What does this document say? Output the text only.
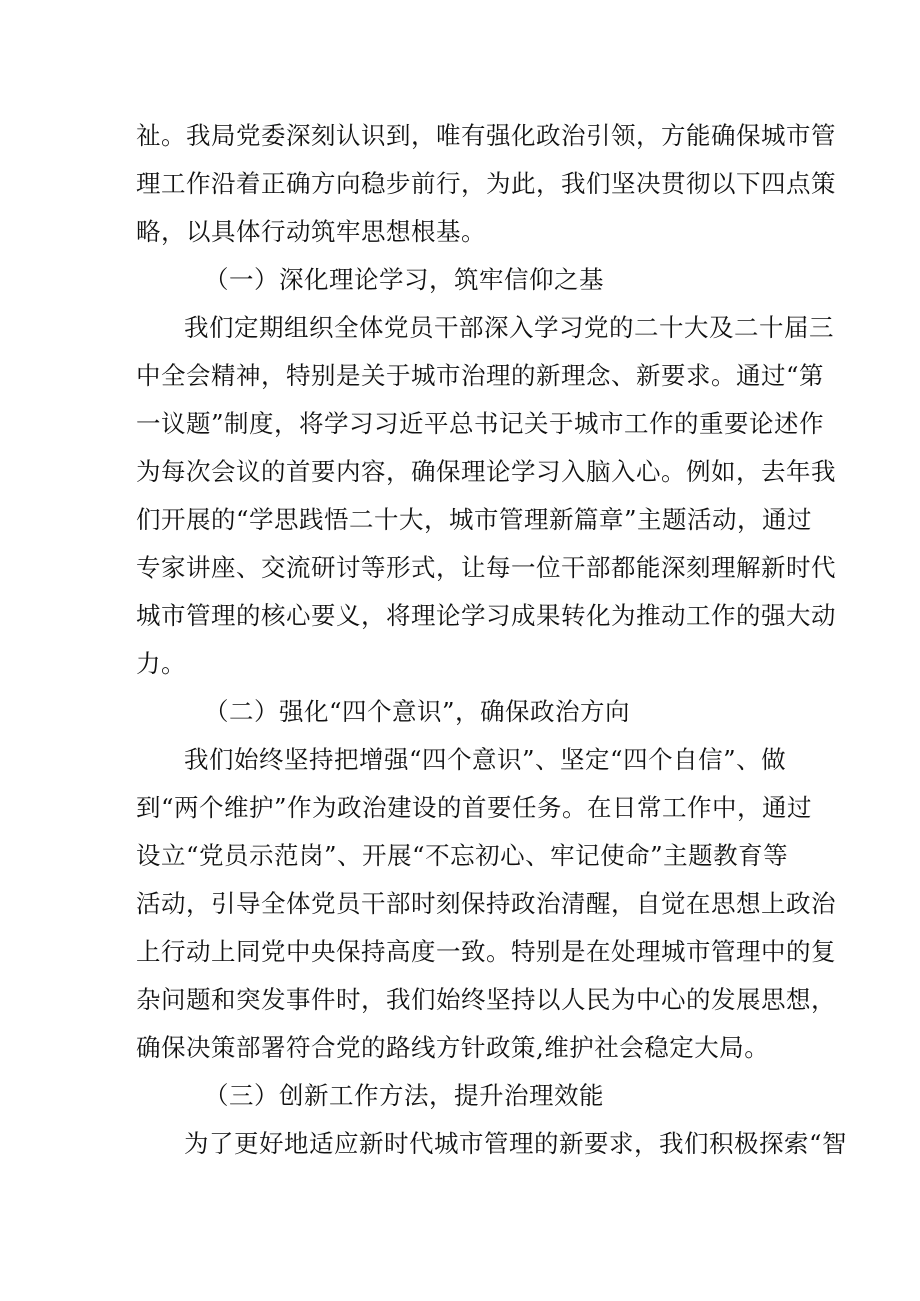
祉。我局党委深刻认识到，唯有强化政治引领，方能确保城市管
理工作沿着正确方向稳步前行，为此，我们坚决贯彻以下四点策
略，以具体行动筑牢思想根基。
（一）深化理论学习，筑牢信仰之基
我们定期组织全体党员干部深入学习党的二十大及二十届三
中全会精神，特别是关于城市治理的新理念、新要求。通过“第
一议题”制度，将学习习近平总书记关于城市工作的重要论述作
为每次会议的首要内容，确保理论学习入脑入心。例如，去年我
们开展的“学思践悟二十大，城市管理新篇章”主题活动，通过
专家讲座、交流研讨等形式，让每一位干部都能深刻理解新时代
城市管理的核心要义，将理论学习成果转化为推动工作的强大动
力。
（二）强化“四个意识”，确保政治方向
我们始终坚持把增强“四个意识”、坚定“四个自信”、做
到“两个维护”作为政治建设的首要任务。在日常工作中，通过
设立“党员示范岗”、开展“不忘初心、牢记使命”主题教育等
活动，引导全体党员干部时刻保持政治清醒，自觉在思想上政治
上行动上同党中央保持高度一致。特别是在处理城市管理中的复
杂问题和突发事件时，我们始终坚持以人民为中心的发展思想，
确保决策部署符合党的路线方针政策,维护社会稳定大局。
（三）创新工作方法，提升治理效能
为了更好地适应新时代城市管理的新要求，我们积极探索“智
